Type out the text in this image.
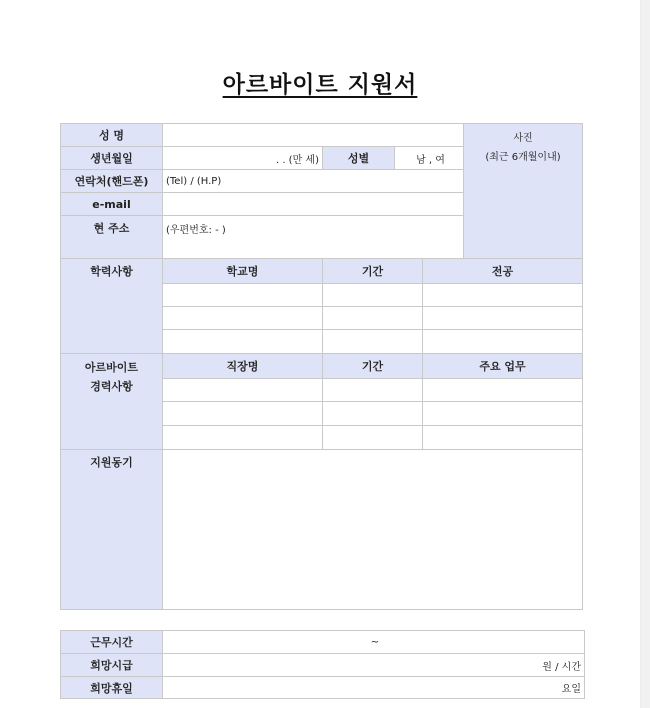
아르바이트 지원서
성 명
생년월일	. . (만 세)	성별	남 , 여
연락처(핸드폰)	(Tel) / (H.P)
e-mail
현 주소	(우편번호: - )
사진
(최근 6개월이내)
학력사항	학교명	기간	전공
아르바이트
경력사항
직장명	기간	주요 업무
지원동기
근무시간	~
희망시급	원 / 시간
희망휴일	요일
